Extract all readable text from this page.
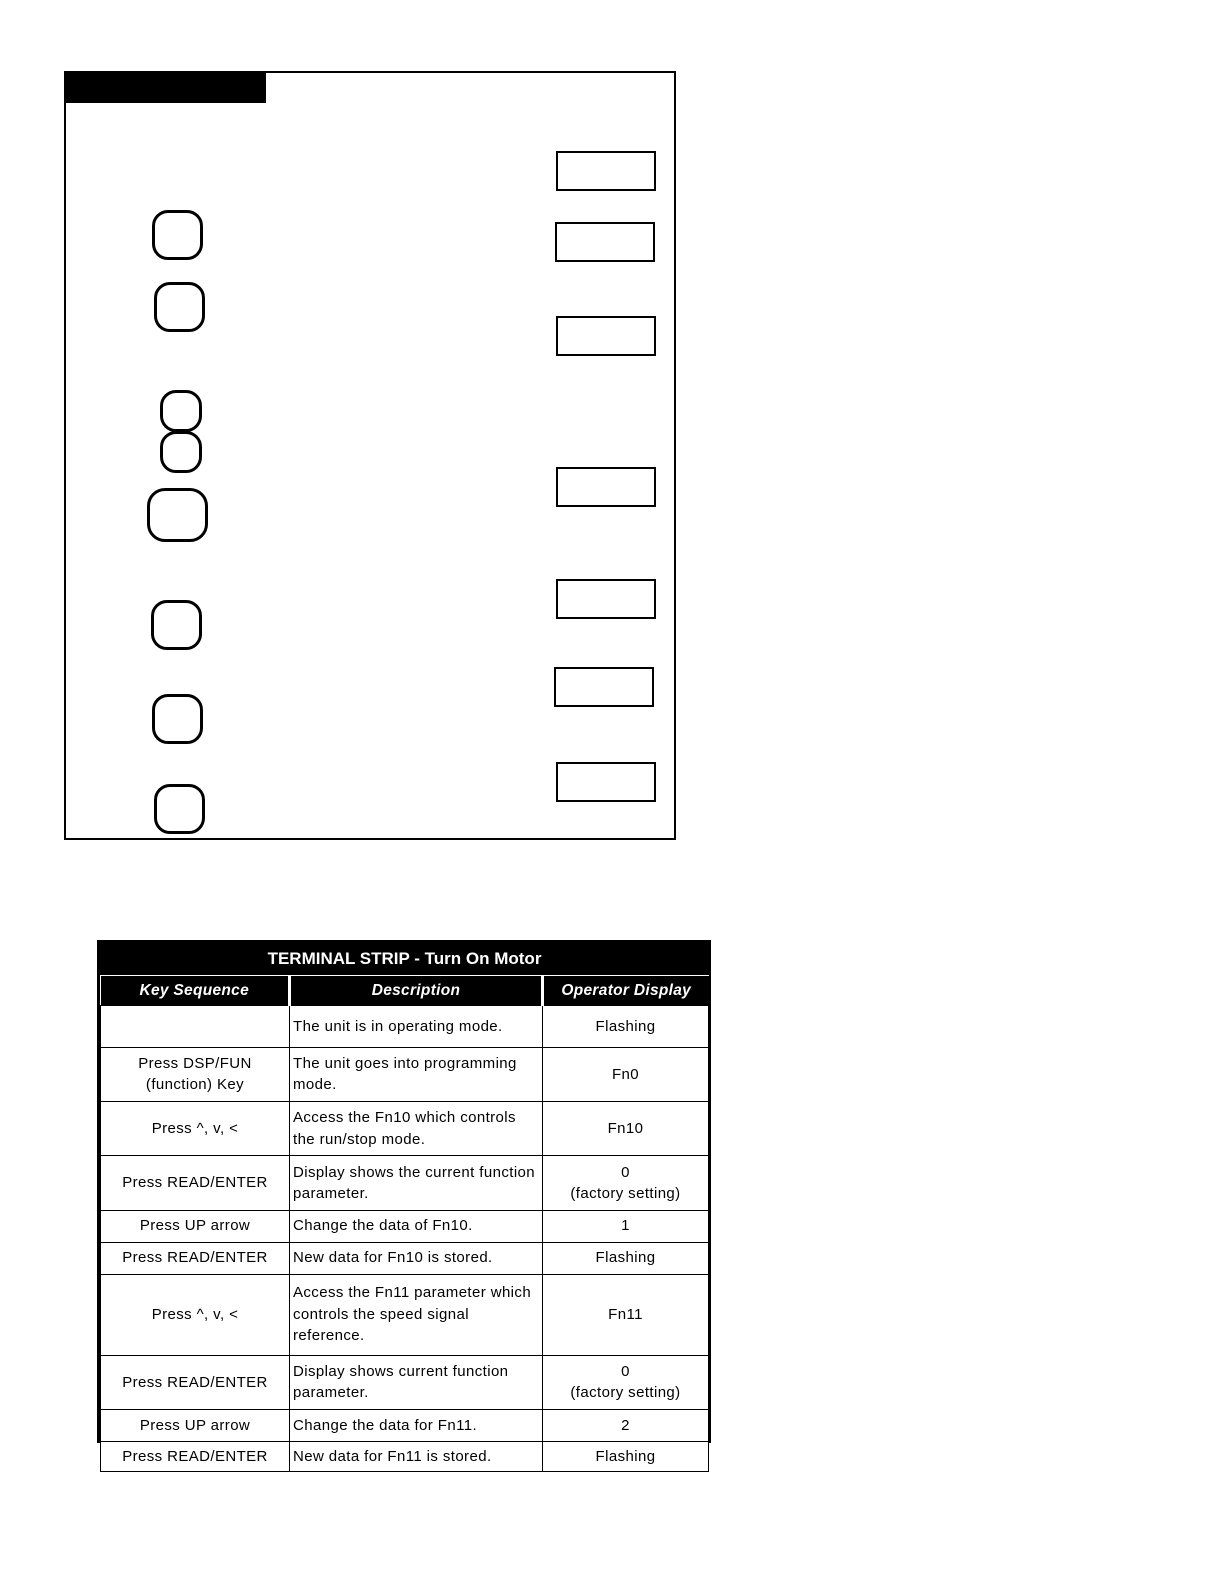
TERMINAL STRIP - Turn On Motor
Key Sequence	Description	Operator Display

	The unit is in operating mode.	Flashing

Press DSP/FUN
(function) Key	The unit goes into programming mode.	Fn0

Press ^, v, <	Access the Fn10 which controls the run/stop mode.	Fn10

Press READ/ENTER	Display shows the current function parameter.	0
(factory setting)

Press UP arrow	Change the data of Fn10.	1

Press READ/ENTER	New data for Fn10 is stored.	Flashing

Press ^, v, <	Access the Fn11 parameter which controls the speed signal reference.	Fn11

Press READ/ENTER	Display shows current function parameter.	0
(factory setting)

Press UP arrow	Change the data for Fn11.	2

Press READ/ENTER	New data for Fn11 is stored.	Flashing
